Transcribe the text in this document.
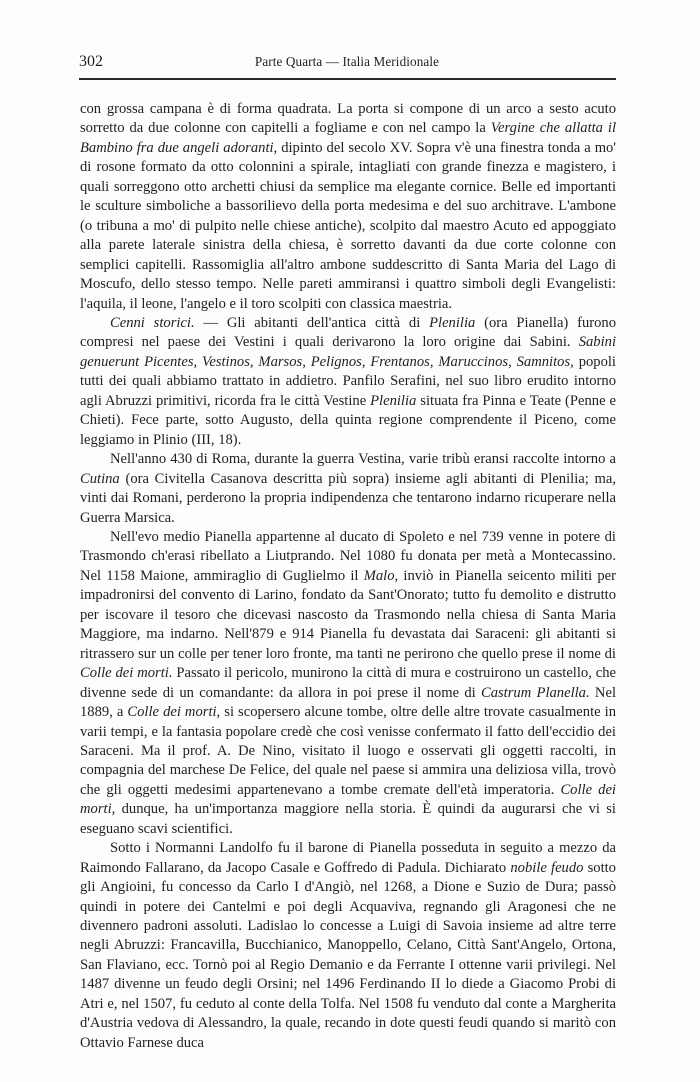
302	Parte Quarta — Italia Meridionale

con grossa campana è di forma quadrata. La porta si compone di un arco a sesto acuto sorretto da due colonne con capitelli a fogliame e con nel campo la Vergine che allatta il Bambino fra due angeli adoranti, dipinto del secolo XV. Sopra v'è una finestra tonda a mo' di rosone formato da otto colonnini a spirale, intagliati con grande finezza e magistero, i quali sorreggono otto archetti chiusi da semplice ma elegante cornice. Belle ed importanti le sculture simboliche a bassorilievo della porta medesima e del suo architrave. L'ambone (o tribuna a mo' di pulpito nelle chiese antiche), scolpito dal maestro Acuto ed appoggiato alla parete laterale sinistra della chiesa, è sorretto davanti da due corte colonne con semplici capitelli. Rassomiglia all'altro ambone suddescritto di Santa Maria del Lago di Moscufo, dello stesso tempo. Nelle pareti ammiransi i quattro simboli degli Evangelisti: l'aquila, il leone, l'angelo e il toro scolpiti con classica maestria.

Cenni storici. — Gli abitanti dell'antica città di Plenilia (ora Pianella) furono compresi nel paese dei Vestini i quali derivarono la loro origine dai Sabini. Sabini genuerunt Picentes, Vestinos, Marsos, Pelignos, Frentanos, Maruccinos, Samnitos, popoli tutti dei quali abbiamo trattato in addietro. Panfilo Serafini, nel suo libro erudito intorno agli Abruzzi primitivi, ricorda fra le città Vestine Plenilia situata fra Pinna e Teate (Penne e Chieti). Fece parte, sotto Augusto, della quinta regione comprendente il Piceno, come leggiamo in Plinio (III, 18).

Nell'anno 430 di Roma, durante la guerra Vestina, varie tribù eransi raccolte intorno a Cutina (ora Civitella Casanova descritta più sopra) insieme agli abitanti di Plenilia; ma, vinti dai Romani, perderono la propria indipendenza che tentarono indarno ricuperare nella Guerra Marsica.

Nell'evo medio Pianella appartenne al ducato di Spoleto e nel 739 venne in potere di Trasmondo ch'erasi ribellato a Liutprando. Nel 1080 fu donata per metà a Montecassino. Nel 1158 Maione, ammiraglio di Guglielmo il Malo, inviò in Pianella seicento militi per impadronirsi del convento di Larino, fondato da Sant'Onorato; tutto fu demolito e distrutto per iscovare il tesoro che dicevasi nascosto da Trasmondo nella chiesa di Santa Maria Maggiore, ma indarno. Nell'879 e 914 Pianella fu devastata dai Saraceni: gli abitanti si ritrassero sur un colle per tener loro fronte, ma tanti ne perirono che quello prese il nome di Colle dei morti. Passato il pericolo, munirono la città di mura e costruirono un castello, che divenne sede di un comandante: da allora in poi prese il nome di Castrum Planella. Nel 1889, a Colle dei morti, si scopersero alcune tombe, oltre delle altre trovate casualmente in varii tempi, e la fantasia popolare credè che così venisse confermato il fatto dell'eccidio dei Saraceni. Ma il prof. A. De Nino, visitato il luogo e osservati gli oggetti raccolti, in compagnia del marchese De Felice, del quale nel paese si ammira una deliziosa villa, trovò che gli oggetti medesimi appartenevano a tombe cremate dell'età imperatoria. Colle dei morti, dunque, ha un'importanza maggiore nella storia. È quindi da augurarsi che vi si eseguano scavi scientifici.

Sotto i Normanni Landolfo fu il barone di Pianella posseduta in seguito a mezzo da Raimondo Fallarano, da Jacopo Casale e Goffredo di Padula. Dichiarato nobile feudo sotto gli Angioini, fu concesso da Carlo I d'Angiò, nel 1268, a Dione e Suzio de Dura; passò quindi in potere dei Cantelmi e poi degli Acquaviva, regnando gli Aragonesi che ne divennero padroni assoluti. Ladislao lo concesse a Luigi di Savoia insieme ad altre terre negli Abruzzi: Francavilla, Bucchianico, Manoppello, Celano, Città Sant'Angelo, Ortona, San Flaviano, ecc. Tornò poi al Regio Demanio e da Ferrante I ottenne varii privilegi. Nel 1487 divenne un feudo degli Orsini; nel 1496 Ferdinando II lo diede a Giacomo Probi di Atri e, nel 1507, fu ceduto al conte della Tolfa. Nel 1508 fu venduto dal conte a Margherita d'Austria vedova di Alessandro, la quale, recando in dote questi feudi quando si maritò con Ottavio Farnese duca
